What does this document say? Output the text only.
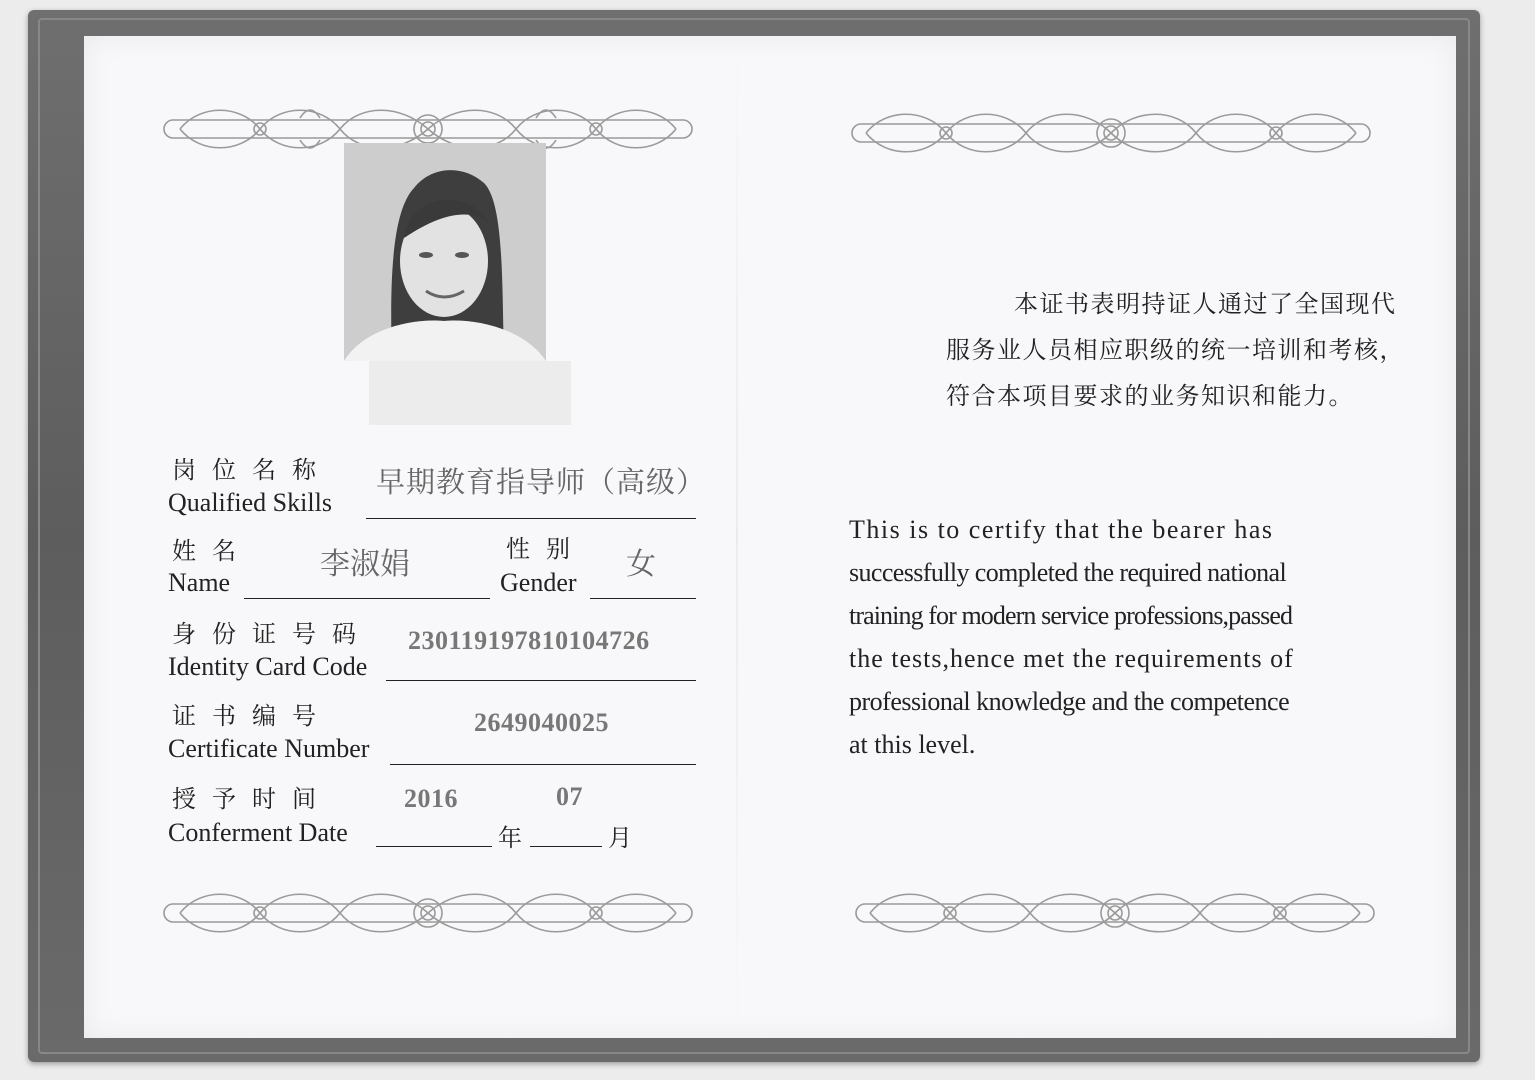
岗位名称 早期教育指导师（高级）
Qualified Skills
姓名 李淑娟	性别 女
Name	Gender
身份证号码 230119197810104726
Identity Card Code
证书编号	2649040025
Certificate Number
授予时间	2016	07
Conferment Date	年	月

本证书表明持证人通过了全国现代

服务业人员相应职级的统一培训和考核，

符合本项目要求的业务知识和能力。

This is to certify that the bearer has

successfully completed the required national

training for modern service professions,passed

the tests,hence met the requirements of

professional knowledge and the competence

at this level.
